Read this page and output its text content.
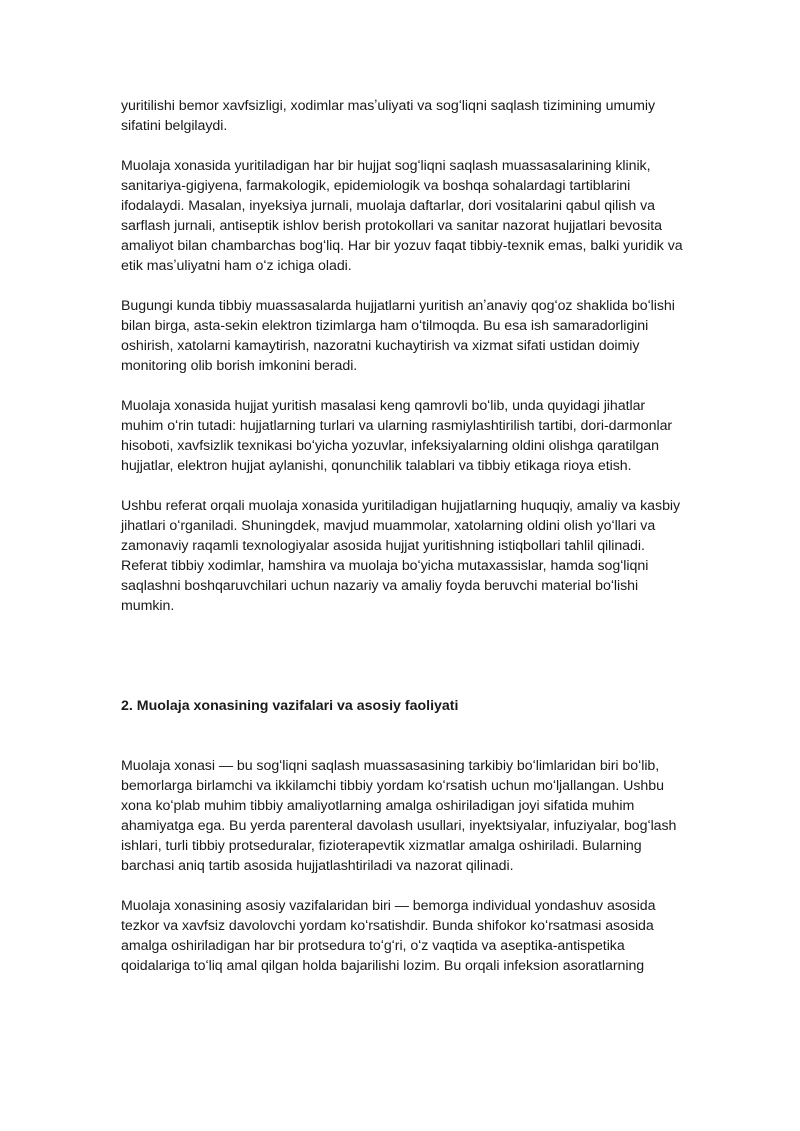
yuritilishi bemor xavfsizligi, xodimlar masʼuliyati va sogʻliqni saqlash tizimining umumiy sifatini belgilaydi.

Muolaja xonasida yuritiladigan har bir hujjat sogʻliqni saqlash muassasalarining klinik, sanitariya-gigiyena, farmakologik, epidemiologik va boshqa sohalardagi tartiblarini ifodalaydi. Masalan, inyeksiya jurnali, muolaja daftarlar, dori vositalarini qabul qilish va sarflash jurnali, antiseptik ishlov berish protokollari va sanitar nazorat hujjatlari bevosita amaliyot bilan chambarchas bogʻliq. Har bir yozuv faqat tibbiy-texnik emas, balki yuridik va etik masʼuliyatni ham oʻz ichiga oladi.

Bugungi kunda tibbiy muassasalarda hujjatlarni yuritish anʼanaviy qogʻoz shaklida boʻlishi bilan birga, asta-sekin elektron tizimlarga ham oʻtilmoqda. Bu esa ish samaradorligini oshirish, xatolarni kamaytirish, nazoratni kuchaytirish va xizmat sifati ustidan doimiy monitoring olib borish imkonini beradi.

Muolaja xonasida hujjat yuritish masalasi keng qamrovli boʻlib, unda quyidagi jihatlar muhim oʻrin tutadi: hujjatlarning turlari va ularning rasmiylashtirilish tartibi, dori-darmonlar hisoboti, xavfsizlik texnikasi boʻyicha yozuvlar, infeksiyalarning oldini olishga qaratilgan hujjatlar, elektron hujjat aylanishi, qonunchilik talablari va tibbiy etikaga rioya etish.

Ushbu referat orqali muolaja xonasida yuritiladigan hujjatlarning huquqiy, amaliy va kasbiy jihatlari oʻrganiladi. Shuningdek, mavjud muammolar, xatolarning oldini olish yoʻllari va zamonaviy raqamli texnologiyalar asosida hujjat yuritishning istiqbollari tahlil qilinadi. Referat tibbiy xodimlar, hamshira va muolaja boʻyicha mutaxassislar, hamda sogʻliqni saqlashni boshqaruvchilari uchun nazariy va amaliy foyda beruvchi material boʻlishi mumkin.

2. Muolaja xonasining vazifalari va asosiy faoliyati

Muolaja xonasi — bu sogʻliqni saqlash muassasasining tarkibiy boʻlimlaridan biri boʻlib, bemorlarga birlamchi va ikkilamchi tibbiy yordam koʻrsatish uchun moʻljallangan. Ushbu xona koʻplab muhim tibbiy amaliyotlarning amalga oshiriladigan joyi sifatida muhim ahamiyatga ega. Bu yerda parenteral davolash usullari, inyektsiyalar, infuziyalar, bogʻlash ishlari, turli tibbiy protseduralar, fizioterapevtik xizmatlar amalga oshiriladi. Bularning barchasi aniq tartib asosida hujjatlashtiriladi va nazorat qilinadi.

Muolaja xonasining asosiy vazifalaridan biri — bemorga individual yondashuv asosida tezkor va xavfsiz davolovchi yordam koʻrsatishdir. Bunda shifokor koʻrsatmasi asosida amalga oshiriladigan har bir protsedura toʻgʻri, oʻz vaqtida va aseptika-antispetika qoidalariga toʻliq amal qilgan holda bajarilishi lozim. Bu orqali infeksion asoratlarning
